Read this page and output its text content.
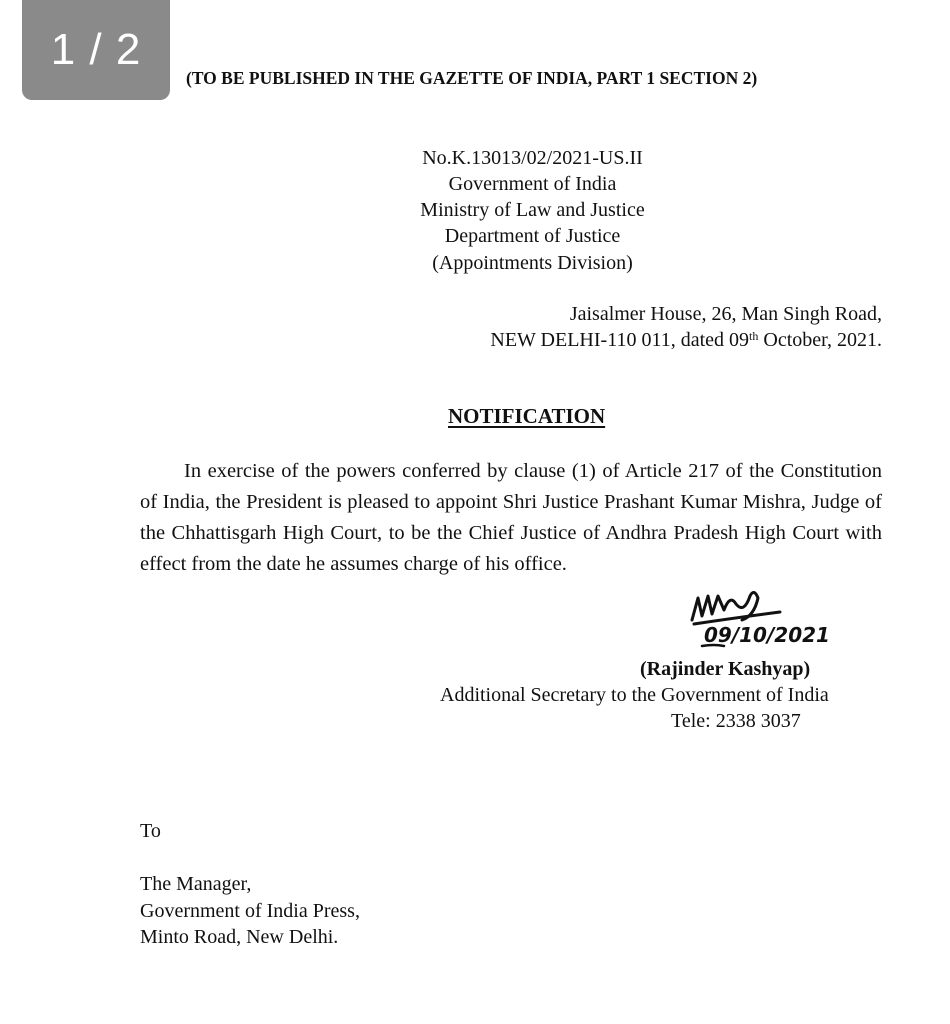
1 / 2
(TO BE PUBLISHED IN THE GAZETTE OF INDIA, PART 1 SECTION 2)
No.K.13013/02/2021-US.II
Government of India
Ministry of Law and Justice
Department of Justice
(Appointments Division)
Jaisalmer House, 26, Man Singh Road,
NEW DELHI-110 011, dated 09th October, 2021.
NOTIFICATION
In exercise of the powers conferred by clause (1) of Article 217 of the Constitution of India, the President is pleased to appoint Shri Justice Prashant Kumar Mishra, Judge of the Chhattisgarh High Court, to be the Chief Justice of Andhra Pradesh High Court with effect from the date he assumes charge of his office.
09/10/2021
(Rajinder Kashyap)
Additional Secretary to the Government of India
Tele: 2338 3037
To
The Manager,
Government of India Press,
Minto Road, New Delhi.
